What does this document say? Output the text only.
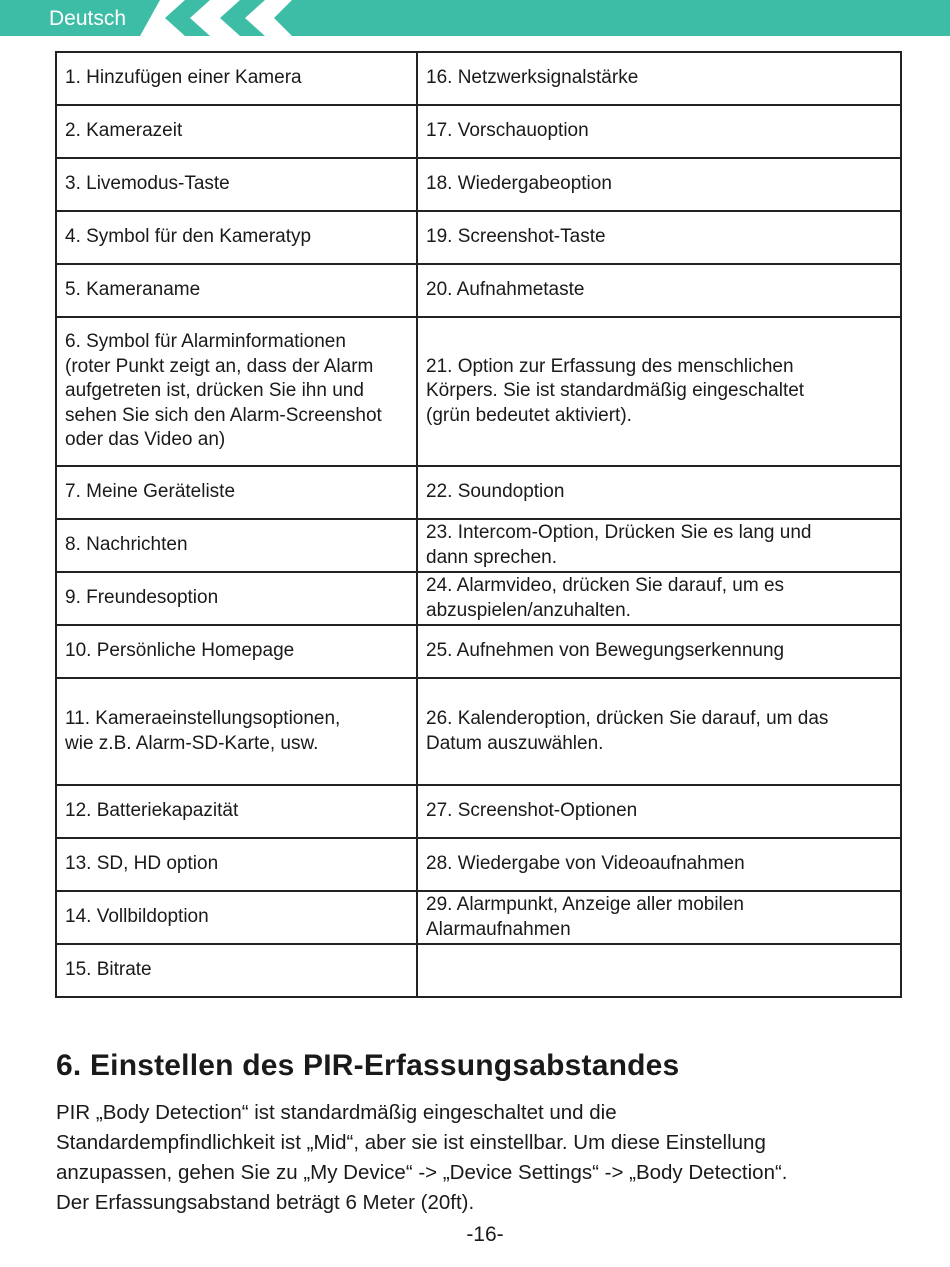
Deutsch
1. Hinzufügen einer Kamera	16. Netzwerksignalstärke
2. Kamerazeit	17. Vorschauoption
3. Livemodus-Taste	18. Wiedergabeoption
4. Symbol für den Kameratyp	19. Screenshot-Taste
5. Kameraname	20. Aufnahmetaste
6. Symbol für Alarminformationen
(roter Punkt zeigt an, dass der Alarm
aufgetreten ist, drücken Sie ihn und
sehen Sie sich den Alarm-Screenshot
oder das Video an)	21. Option zur Erfassung des menschlichen
Körpers. Sie ist standardmäßig eingeschaltet
(grün bedeutet aktiviert).
7. Meine Geräteliste	22. Soundoption
8. Nachrichten	23. Intercom-Option, Drücken Sie es lang und
dann sprechen.
9. Freundesoption	24. Alarmvideo, drücken Sie darauf, um es
abzuspielen/anzuhalten.
10. Persönliche Homepage	25. Aufnehmen von Bewegungserkennung
11. Kameraeinstellungsoptionen,
wie z.B. Alarm-SD-Karte, usw.	26. Kalenderoption, drücken Sie darauf, um das
Datum auszuwählen.
12. Batteriekapazität	27. Screenshot-Optionen
13. SD, HD option	28. Wiedergabe von Videoaufnahmen
14. Vollbildoption	29. Alarmpunkt, Anzeige aller mobilen
Alarmaufnahmen
15. Bitrate	
6. Einstellen des PIR-Erfassungsabstandes
PIR „Body Detection“ ist standardmäßig eingeschaltet und die
Standardempfindlichkeit ist „Mid“, aber sie ist einstellbar. Um diese Einstellung
anzupassen, gehen Sie zu „My Device“ -> „Device Settings“ -> „Body Detection“.
Der Erfassungsabstand beträgt 6 Meter (20ft).
-16-
